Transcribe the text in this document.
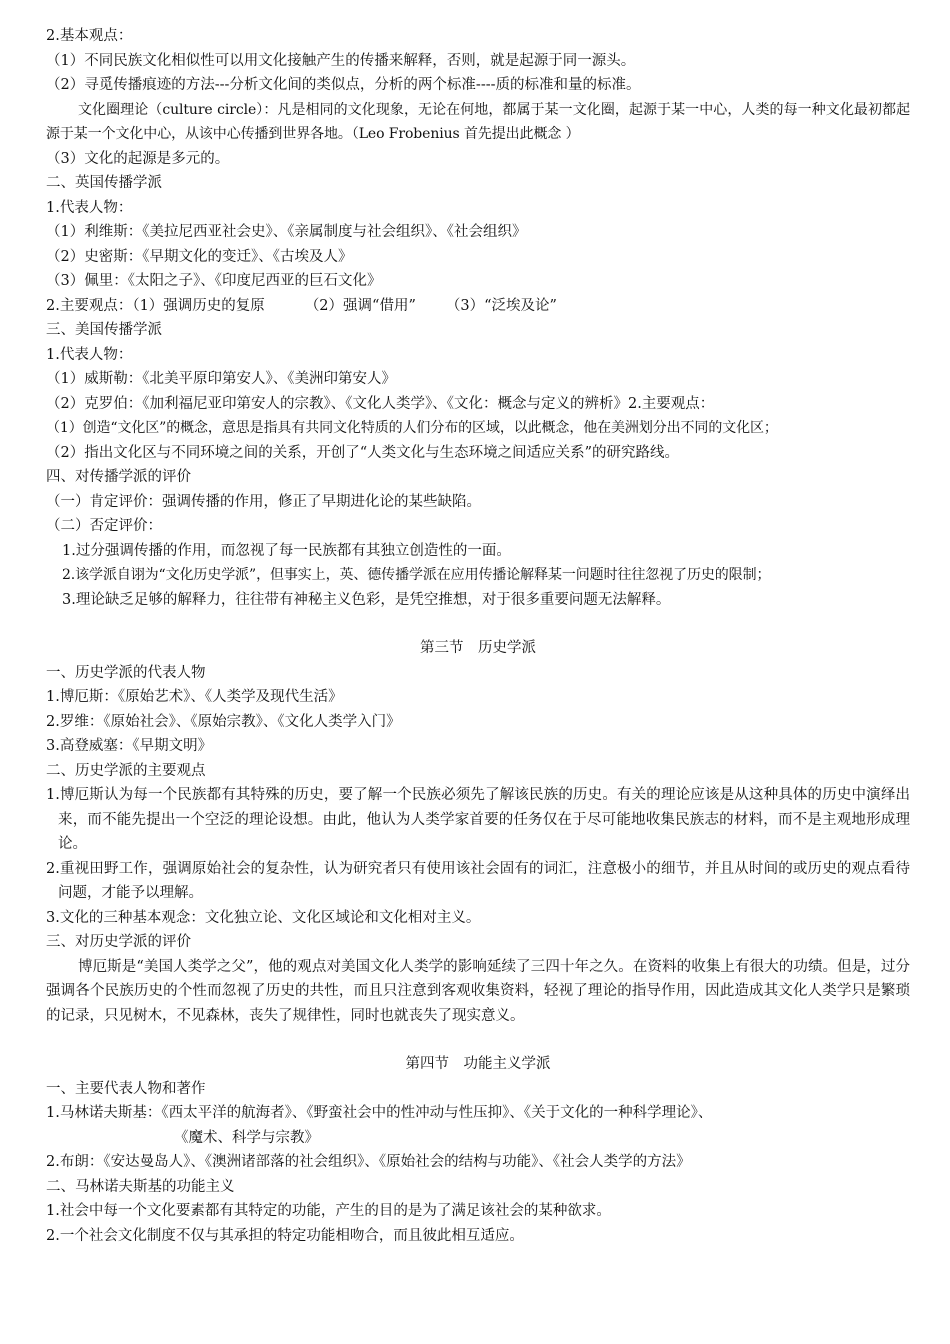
2.基本观点：
（1）不同民族文化相似性可以用文化接触产生的传播来解释，否则，就是起源于同一源头。
（2）寻觅传播痕迹的方法---分析文化间的类似点，分析的两个标准----质的标准和量的标准。
文化圈理论（culture circle）：凡是相同的文化现象，无论在何地，都属于某一文化圈，起源于某一中心，人类的每一种文化最初都起源于某一个文化中心，从该中心传播到世界各地。（Leo Frobenius 首先提出此概念 ）
（3）文化的起源是多元的。
二、英国传播学派
1.代表人物：
（1）利维斯：《美拉尼西亚社会史》、《亲属制度与社会组织》、《社会组织》
（2）史密斯：《早期文化的变迁》、《古埃及人》
（3）佩里：《太阳之子》、《印度尼西亚的巨石文化》
2.主要观点：（1）强调历史的复原	（2）强调“借用” （3）“泛埃及论”
三、美国传播学派
1.代表人物：
（1）威斯勒：《北美平原印第安人》、《美洲印第安人》
（2）克罗伯：《加利福尼亚印第安人的宗教》、《文化人类学》、《文化：概念与定义的辨析》2.主要观点：
（1）创造“文化区”的概念，意思是指具有共同文化特质的人们分布的区域，以此概念，他在美洲划分出不同的文化区；
（2）指出文化区与不同环境之间的关系，开创了“人类文化与生态环境之间适应关系”的研究路线。
四、对传播学派的评价
（一）肯定评价：强调传播的作用，修正了早期进化论的某些缺陷。
（二）否定评价：
1.过分强调传播的作用，而忽视了每一民族都有其独立创造性的一面。
2.该学派自诩为“文化历史学派”，但事实上，英、德传播学派在应用传播论解释某一问题时往往忽视了历史的限制；
3.理论缺乏足够的解释力，往往带有神秘主义色彩，是凭空推想，对于很多重要问题无法解释。
第三节　历史学派
一、历史学派的代表人物
1.博厄斯：《原始艺术》、《人类学及现代生活》
2.罗维：《原始社会》、《原始宗教》、《文化人类学入门》
3.高登威塞：《早期文明》
二、历史学派的主要观点
1.博厄斯认为每一个民族都有其特殊的历史，要了解一个民族必须先了解该民族的历史。有关的理论应该是从这种具体的历史中演绎出来，而不能先提出一个空泛的理论设想。由此，他认为人类学家首要的任务仅在于尽可能地收集民族志的材料，而不是主观地形成理论。
2.重视田野工作，强调原始社会的复杂性，认为研究者只有使用该社会固有的词汇，注意极小的细节，并且从时间的或历史的观点看待问题，才能予以理解。
3.文化的三种基本观念：文化独立论、文化区域论和文化相对主义。
三、对历史学派的评价
博厄斯是“美国人类学之父”，他的观点对美国文化人类学的影响延续了三四十年之久。在资料的收集上有很大的功绩。但是，过分强调各个民族历史的个性而忽视了历史的共性，而且只注意到客观收集资料，轻视了理论的指导作用，因此造成其文化人类学只是繁琐的记录，只见树木，不见森林，丧失了规律性，同时也就丧失了现实意义。
第四节　功能主义学派
一、主要代表人物和著作
1.马林诺夫斯基：《西太平洋的航海者》、《野蛮社会中的性冲动与性压抑》、《关于文化的一种科学理论》、
《魔术、科学与宗教》
2.布朗：《安达曼岛人》、《澳洲诸部落的社会组织》、《原始社会的结构与功能》、《社会人类学的方法》
二、马林诺夫斯基的功能主义
1.社会中每一个文化要素都有其特定的功能，产生的目的是为了满足该社会的某种欲求。
2.一个社会文化制度不仅与其承担的特定功能相吻合，而且彼此相互适应。
